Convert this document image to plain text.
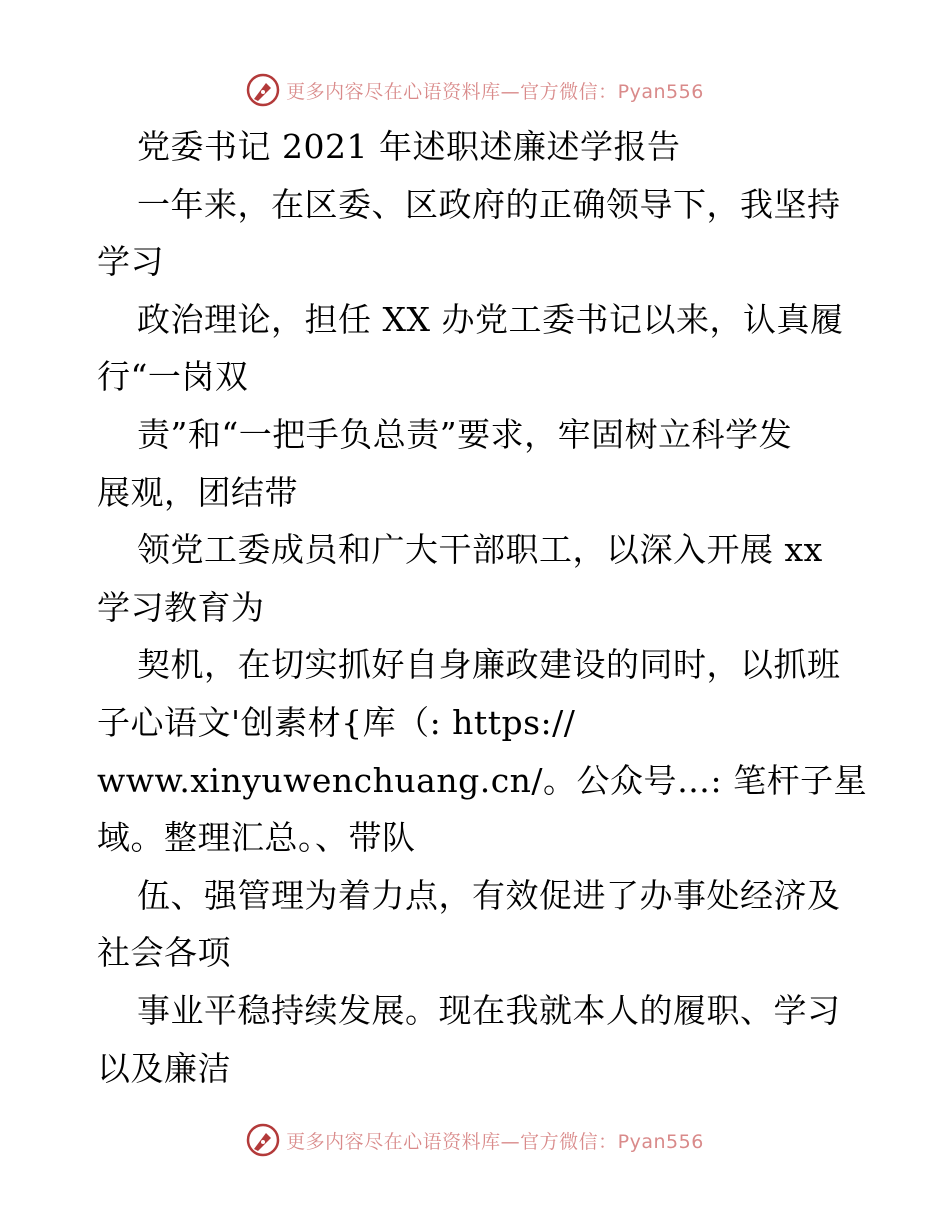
更多内容尽在心语资料库—官方微信：Pyan556
党委书记 2021 年述职述廉述学报告
一年来，在区委、区政府的正确领导下，我坚持
学习
政治理论，担任 XX 办党工委书记以来，认真履
行“一岗双
责”和“一把手负总责”要求，牢固树立科学发
展观，团结带
领党工委成员和广大干部职工，以深入开展 xx
学习教育为
契机，在切实抓好自身廉政建设的同时，以抓班
子心语文'创素材{库（: https://
www.xinyuwenchuang.cn/。公众号…: 笔杆子星
域。整理汇总。、带队
伍、强管理为着力点，有效促进了办事处经济及
社会各项
事业平稳持续发展。现在我就本人的履职、学习
以及廉洁
更多内容尽在心语资料库—官方微信：Pyan556
